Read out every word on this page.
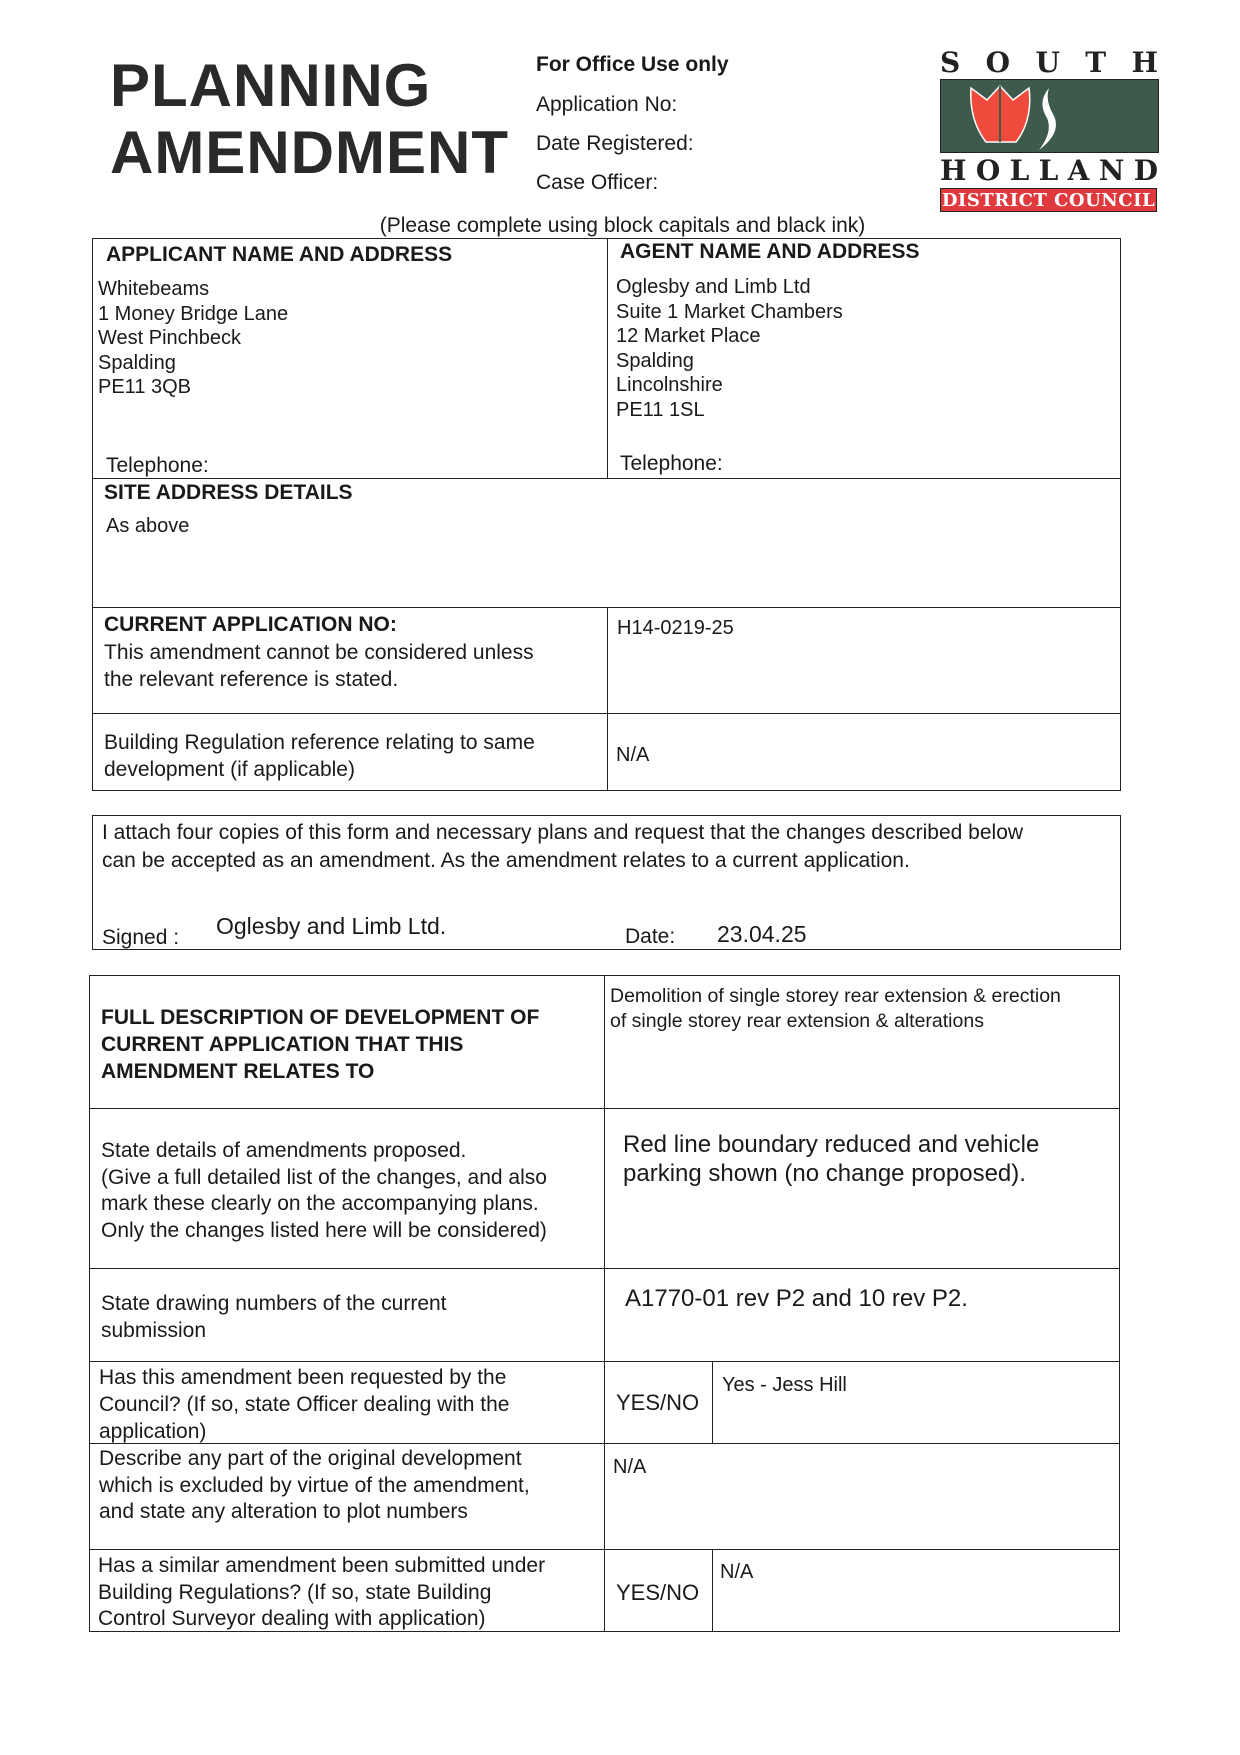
PLANNING
AMENDMENT
For Office Use only
Application No:
Date Registered:
Case Officer:
S O U T H
H O L L A N D
DISTRICT COUNCIL
(Please complete using block capitals and black ink)
APPLICANT NAME AND ADDRESS
Whitebeams
1 Money Bridge Lane
West Pinchbeck
Spalding
PE11 3QB
Telephone:
AGENT NAME AND ADDRESS
Oglesby and Limb Ltd
Suite 1 Market Chambers
12 Market Place
Spalding
Lincolnshire
PE11 1SL
Telephone:
SITE ADDRESS DETAILS
As above
CURRENT APPLICATION NO:
This amendment cannot be considered unless
the relevant reference is stated.
H14-0219-25
Building Regulation reference relating to same
development (if applicable)
N/A
I attach four copies of this form and necessary plans and request that the changes described below
can be accepted as an amendment. As the amendment relates to a current application.
Signed : Oglesby and Limb Ltd.	Date: 23.04.25
FULL DESCRIPTION OF DEVELOPMENT OF
CURRENT APPLICATION THAT THIS
AMENDMENT RELATES TO
Demolition of single storey rear extension & erection
of single storey rear extension & alterations
State details of amendments proposed.
(Give a full detailed list of the changes, and also
mark these clearly on the accompanying plans.
Only the changes listed here will be considered)
Red line boundary reduced and vehicle
parking shown (no change proposed).
State drawing numbers of the current
submission
A1770-01 rev P2 and 10 rev P2.
Has this amendment been requested by the
Council? (If so, state Officer dealing with the
application)
YES/NO
Yes - Jess Hill
Describe any part of the original development
which is excluded by virtue of the amendment,
and state any alteration to plot numbers
N/A
Has a similar amendment been submitted under
Building Regulations? (If so, state Building
Control Surveyor dealing with application)
YES/NO
N/A
